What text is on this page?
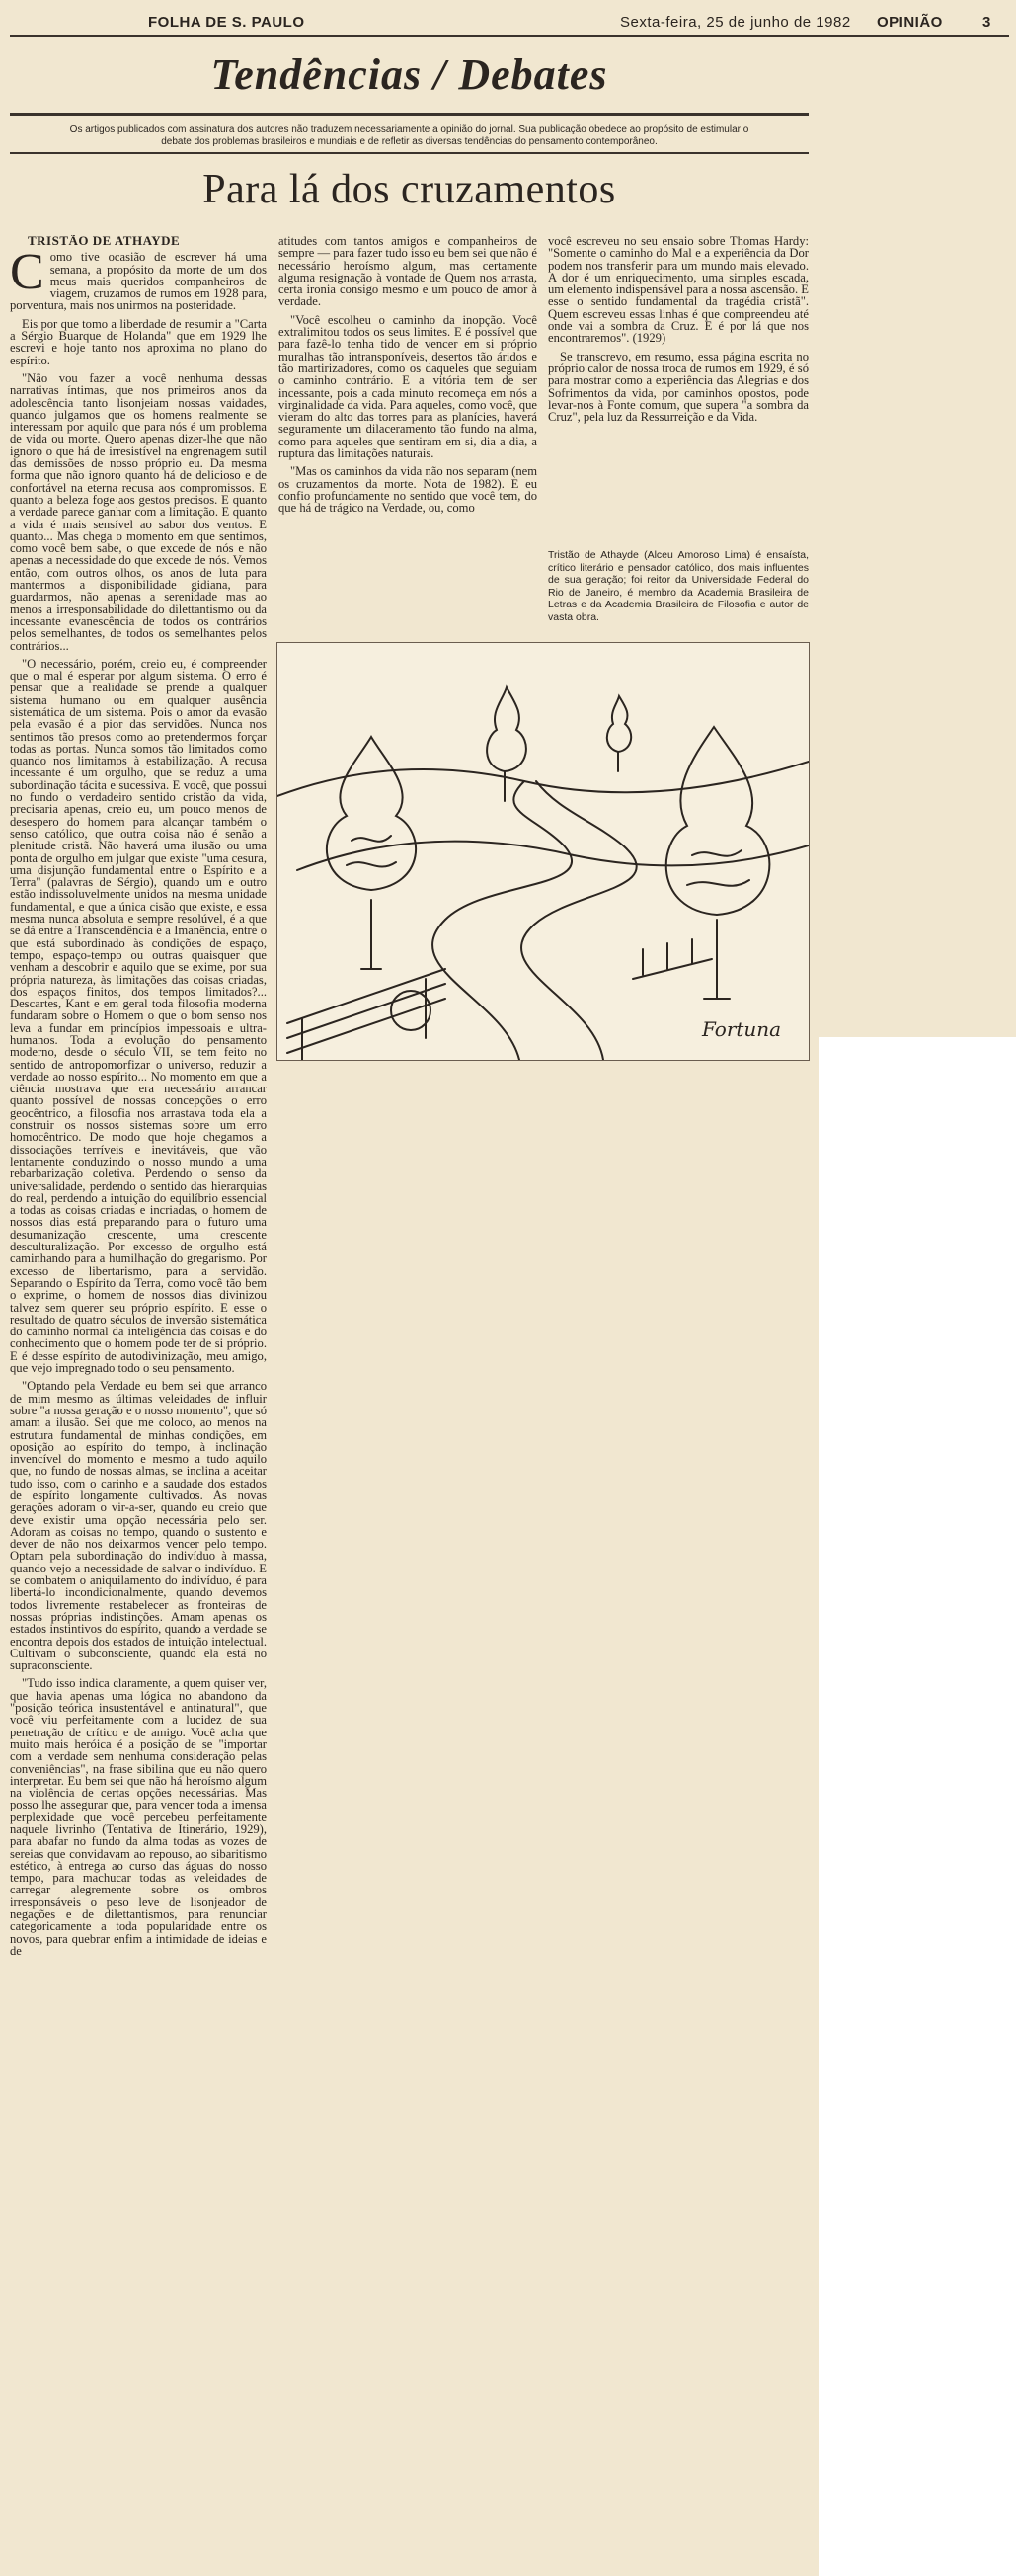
FOLHA DE S. PAULO	Sexta-feira, 25 de junho de 1982 OPINIÃO	3
Tendências / Debates

Os artigos publicados com assinatura dos autores não traduzem necessariamente a opinião do jornal. Sua publicação obedece ao propósito de estimular o debate dos problemas brasileiros e mundiais e de refletir as diversas tendências do pensamento contemporâneo.

Para lá dos cruzamentos
TRISTÃO DE ATHAYDE

Como tive ocasião de escrever há uma semana, a propósito da morte de um dos meus mais queridos companheiros de viagem, cruzamos de rumos em 1928 para, porventura, mais nos unirmos na posteridade.

Eis por que tomo a liberdade de resumir a "Carta a Sérgio Buarque de Holanda" que em 1929 lhe escrevi e hoje tanto nos aproxima no plano do espírito.

"Não vou fazer a você nenhuma dessas narrativas íntimas, que nos primeiros anos da adolescência tanto lisonjeiam nossas vaidades, quando julgamos que os homens realmente se interessam por aquilo que para nós é um problema de vida ou morte. Quero apenas dizer-lhe que não ignoro o que há de irresistível na engrenagem sutil das demissões de nosso próprio eu. Da mesma forma que não ignoro quanto há de delicioso e de confortável na eterna recusa aos compromissos. E quanto a beleza foge aos gestos precisos. E quanto a verdade parece ganhar com a limitação. E quanto a vida é mais sensível ao sabor dos ventos. E quanto... Mas chega o momento em que sentimos, como você bem sabe, o que excede de nós e não apenas a necessidade do que excede de nós. Vemos então, com outros olhos, os anos de luta para mantermos a disponibilidade gidiana, para guardarmos, não apenas a serenidade mas ao menos a irresponsabilidade do dilettantismo ou da incessante evanescência de todos os contrários pelos semelhantes, de todos os semelhantes pelos contrários...

"O necessário, porém, creio eu, é compreender que o mal é esperar por algum sistema. O erro é pensar que a realidade se prende a qualquer sistema humano ou em qualquer ausência sistemática de um sistema. Pois o amor da evasão pela evasão é a pior das servidões. Nunca nos sentimos tão presos como ao pretendermos forçar todas as portas. Nunca somos tão limitados como quando nos limitamos à estabilização. A recusa incessante é um orgulho, que se reduz a uma subordinação tácita e sucessiva. E você, que possui no fundo o verdadeiro sentido cristão da vida, precisaria apenas, creio eu, um pouco menos de desespero do homem para alcançar também o senso católico, que outra coisa não é senão a plenitude cristã. Não haverá uma ilusão ou uma ponta de orgulho em julgar que existe "uma cesura, uma disjunção fundamental entre o Espírito e a Terra" (palavras de Sérgio), quando um e outro estão indissoluvelmente unidos na mesma unidade fundamental, e que a única cisão que existe, e essa mesma nunca absoluta e sempre resolúvel, é a que se dá entre a Transcendência e a Imanência, entre o que está subordinado às condições de espaço, tempo, espaço-tempo ou outras quaisquer que venham a descobrir e aquilo que se exime, por sua própria natureza, às limitações das coisas criadas, dos espaços finitos, dos tempos limitados?... Descartes, Kant e em geral toda filosofia moderna fundaram sobre o Homem o que o bom senso nos leva a fundar em princípios impessoais e ultra-humanos. Toda a evolução do pensamento moderno, desde o século VII, se tem feito no sentido de antropomorfizar o universo, reduzir a verdade ao nosso espírito... No momento em que a ciência mostrava que era necessário arrancar quanto possível de nossas concepções o erro geocêntrico, a filosofia nos arrastava toda ela a construir os nossos sistemas sobre um erro homocêntrico. De modo que hoje chegamos a dissociações terríveis e inevitáveis, que vão lentamente conduzindo o nosso mundo a uma rebarbarização coletiva. Perdendo o senso da universalidade, perdendo o sentido das hierarquias do real, perdendo a intuição do equilíbrio essencial a todas as coisas criadas e incriadas, o homem de nossos dias está preparando para o futuro uma desumanização crescente, uma crescente desculturalização. Por excesso de orgulho está caminhando para a humilhação do gregarismo. Por excesso de libertarismo, para a servidão. Separando o Espírito da Terra, como você tão bem o exprime, o homem de nossos dias divinizou talvez sem querer seu próprio espírito. E esse o resultado de quatro séculos de inversão sistemática do caminho normal da inteligência das coisas e do conhecimento que o homem pode ter de si próprio. E é desse espírito de autodivinização, meu amigo, que vejo impregnado todo o seu pensamento.

"Optando pela Verdade eu bem sei que arranco de mim mesmo as últimas veleidades de influir sobre "a nossa geração e o nosso momento", que só amam a ilusão. Sei que me coloco, ao menos na estrutura fundamental de minhas condições, em oposição ao espírito do tempo, à inclinação invencível do momento e mesmo a tudo aquilo que, no fundo de nossas almas, se inclina a aceitar tudo isso, com o carinho e a saudade dos estados de espírito longamente cultivados. As novas gerações adoram o vir-a-ser, quando eu creio que deve existir uma opção necessária pelo ser. Adoram as coisas no tempo, quando o sustento e dever de não nos deixarmos vencer pelo tempo. Optam pela subordinação do indivíduo à massa, quando vejo a necessidade de salvar o indivíduo. E se combatem o aniquilamento do indivíduo, é para libertá-lo incondicionalmente, quando devemos todos livremente restabelecer as fronteiras de nossas próprias indistinções. Amam apenas os estados instintivos do espírito, quando a verdade se encontra depois dos estados de intuição intelectual. Cultivam o subconsciente, quando ela está no supraconsciente.

"Tudo isso indica claramente, a quem quiser ver, que havia apenas uma lógica no abandono da "posição teórica insustentável e antinatural", que você viu perfeitamente com a lucidez de sua penetração de crítico e de amigo. Você acha que muito mais heróica é a posição de se "importar com a verdade sem nenhuma consideração pelas conveniências", na frase sibilina que eu não quero interpretar. Eu bem sei que não há heroísmo algum na violência de certas opções necessárias. Mas posso lhe assegurar que, para vencer toda a imensa perplexidade que você percebeu perfeitamente naquele livrinho (Tentativa de Itinerário, 1929), para abafar no fundo da alma todas as vozes de sereias que convidavam ao repouso, ao sibaritismo estético, à entrega ao curso das águas do nosso tempo, para machucar todas as veleidades de carregar alegremente sobre os ombros irresponsáveis o peso leve de lisonjeador de negações e de dilettantismos, para renunciar categoricamente a toda popularidade entre os novos, para quebrar enfim a intimidade de ideias e de

atitudes com tantos amigos e companheiros de sempre — para fazer tudo isso eu bem sei que não é necessário heroísmo algum, mas certamente alguma resignação à vontade de Quem nos arrasta, certa ironia consigo mesmo e um pouco de amor à verdade.

"Você escolheu o caminho da inopção. Você extralimitou todos os seus limites. E é possível que para fazê-lo tenha tido de vencer em si próprio muralhas tão intransponíveis, desertos tão áridos e tão martirizadores, como os daqueles que seguiam o caminho contrário. E a vitória tem de ser incessante, pois a cada minuto recomeça em nós a virginalidade da vida. Para aqueles, como você, que vieram do alto das torres para as planícies, haverá seguramente um dilaceramento tão fundo na alma, como para aqueles que sentiram em si, dia a dia, a ruptura das limitações naturais.

"Mas os caminhos da vida não nos separam (nem os cruzamentos da morte. Nota de 1982). E eu confio profundamente no sentido que você tem, do que há de trágico na Verdade, ou, como

você escreveu no seu ensaio sobre Thomas Hardy: "Somente o caminho do Mal e a experiência da Dor podem nos transferir para um mundo mais elevado. A dor é um enriquecimento, uma simples escada, um elemento indispensável para a nossa ascensão. E esse o sentido fundamental da tragédia cristã". Quem escreveu essas linhas é que compreendeu até onde vai a sombra da Cruz. E é por lá que nos encontraremos". (1929)

Se transcrevo, em resumo, essa página escrita no próprio calor de nossa troca de rumos em 1929, é só para mostrar como a experiência das Alegrias e dos Sofrimentos da vida, por caminhos opostos, pode levar-nos à Fonte comum, que supera "a sombra da Cruz", pela luz da Ressurreição e da Vida.

Tristão de Athayde (Alceu Amoroso Lima) é ensaísta, crítico literário e pensador católico, dos mais influentes de sua geração; foi reitor da Universidade Federal do Rio de Janeiro, é membro da Academia Brasileira de Letras e da Academia Brasileira de Filosofia e autor de vasta obra.

Fortuna
